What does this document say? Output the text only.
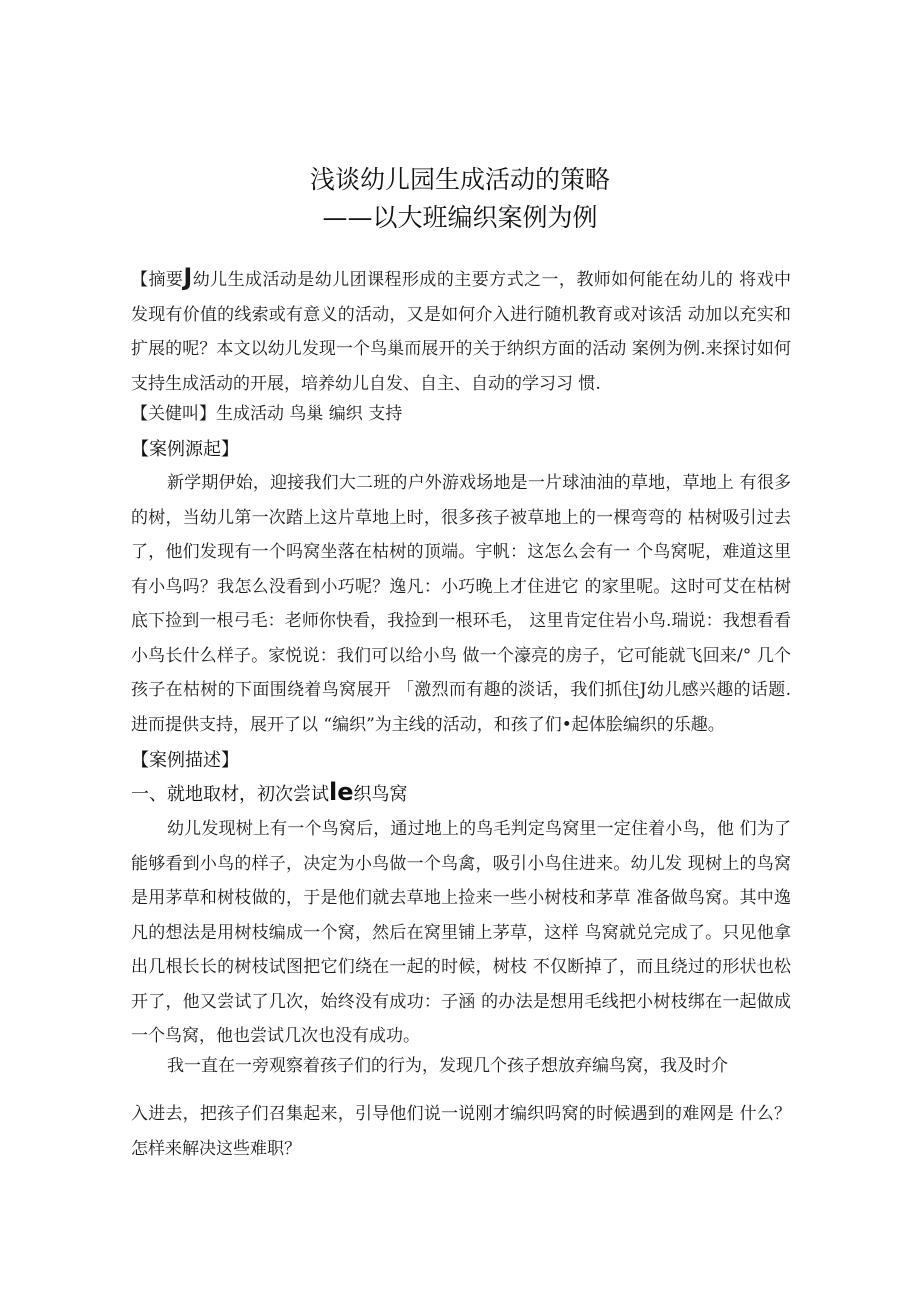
浅谈幼儿园生成活动的策略
——以大班编织案例为例
【摘要J幼儿生成活动是幼儿团课程形成的主要方式之一，教师如何能在幼儿的 将戏中发现有价值的线索或有意义的活动，又是如何介入进行随机教育或对该活 动加以充实和扩展的呢？本文以幼儿发现一个鸟巢而展开的关于纳织方面的活动 案例为例.来探讨如何支持生成活动的开展，培养幼儿自发、自主、自动的学习习 惯.
【关健叫】生成活动 鸟巢 编织 支持
【案例源起】
新学期伊始，迎接我们大二班的户外游戏场地是一片球油油的草地，草地上 有很多的树，当幼儿第一次踏上这片草地上时，很多孩子被草地上的一棵弯弯的 枯树吸引过去了，他们发现有一个吗窝坐落在枯树的顶端。宇帆：这怎么会有一 个鸟窝呢，难道这里有小鸟吗？我怎么没看到小巧呢？逸凡：小巧晚上才住进它 的家里呢。这时可艾在枯树底下捡到一根弓毛：老师你快看，我捡到一根环毛， 这里肯定住岩小鸟.瑞说：我想看看小鸟长什么样子。家悦说：我们可以给小鸟 做一个濠亮的房子，它可能就飞回来/° 几个孩子在枯树的下面围绕着鸟窝展开 「激烈而有趣的淡话，我们抓住J幼儿感兴趣的话题.进而提供支持，展开了以 “编织”为主线的活动，和孩了们•起体脍编织的乐趣。
【案例描述】
一、就地取材，初次尝试le织鸟窝
幼儿发现树上有一个鸟窝后，通过地上的鸟毛判定鸟窝里一定住着小鸟，他 们为了能够看到小鸟的样子，决定为小鸟做一个鸟禽，吸引小鸟住进来。幼儿发 现树上的鸟窝是用茅草和树枝做的，于是他们就去草地上捡来一些小树枝和茅草 准备做鸟窝。其中逸凡的想法是用树枝编成一个窝，然后在窝里铺上茅草，这样 鸟窝就兑完成了。只见他拿出几根长长的树枝试图把它们绕在一起的时候，树枝 不仅断掉了，而且绕过的形状也松开了，他又尝试了几次，始终没有成功：子涵 的办法是想用毛线把小树枝绑在一起做成一个鸟窝，他也尝试几次也没有成功。
我一直在一旁观察着孩子们的行为，发现几个孩子想放弃编鸟窝，我及时介
入进去，把孩子们召集起来，引导他们说一说刚才编织吗窝的时候遇到的难网是 什么？怎样来解决这些难职？
